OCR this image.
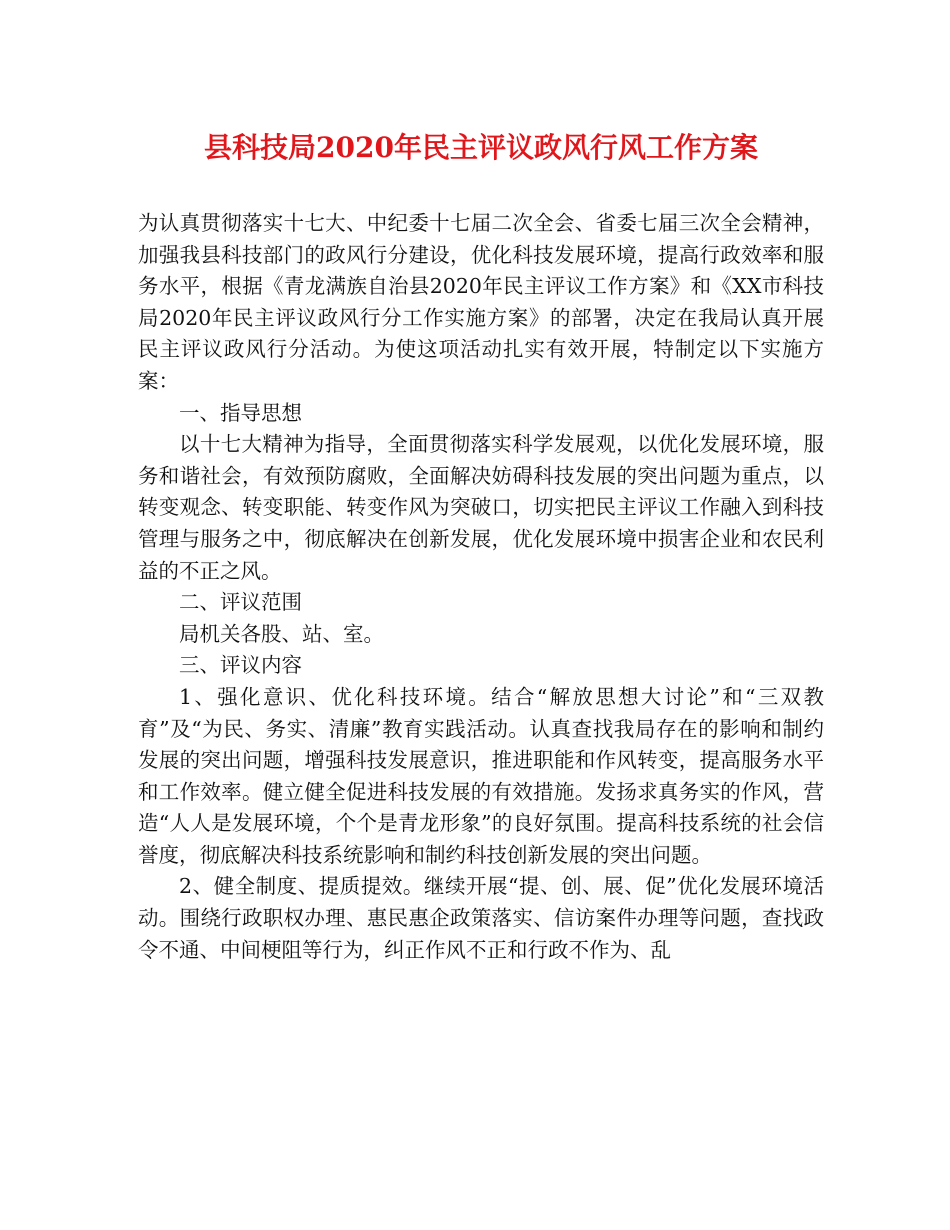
县科技局2020年民主评议政风行风工作方案

为认真贯彻落实十七大、中纪委十七届二次全会、省委七届三次全会精神，加强我县科技部门的政风行分建设，优化科技发展环境，提高行政效率和服务水平，根据《青龙满族自治县2020年民主评议工作方案》和《XX市科技局2020年民主评议政风行分工作实施方案》的部署，决定在我局认真开展民主评议政风行分活动。为使这项活动扎实有效开展，特制定以下实施方案：

一、指导思想

以十七大精神为指导，全面贯彻落实科学发展观，以优化发展环境，服务和谐社会，有效预防腐败，全面解决妨碍科技发展的突出问题为重点，以转变观念、转变职能、转变作风为突破口，切实把民主评议工作融入到科技管理与服务之中，彻底解决在创新发展，优化发展环境中损害企业和农民利益的不正之风。

二、评议范围

局机关各股、站、室。

三、评议内容

1、强化意识、优化科技环境。结合“解放思想大讨论”和“三双教育”及“为民、务实、清廉”教育实践活动。认真查找我局存在的影响和制约发展的突出问题，增强科技发展意识，推进职能和作风转变，提高服务水平和工作效率。健立健全促进科技发展的有效措施。发扬求真务实的作风，营造“人人是发展环境，个个是青龙形象”的良好氛围。提高科技系统的社会信誉度，彻底解决科技系统影响和制约科技创新发展的突出问题。

2、健全制度、提质提效。继续开展“提、创、展、促”优化发展环境活动。围绕行政职权办理、惠民惠企政策落实、信访案件办理等问题，查找政令不通、中间梗阻等行为，纠正作风不正和行政不作为、乱
